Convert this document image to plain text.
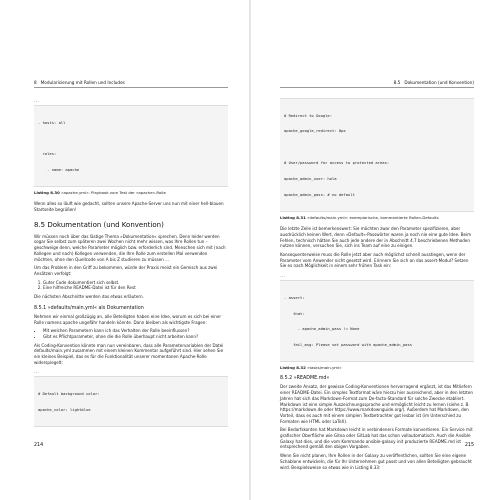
8 Modularisierung mit Rollen und Includes
...

- hosts: all

roles:

- name: apache

Listing 8.30 »apache.yml«: Playbook zum Test der »apache«-Rolle

Wenn alles so läuft wie gedacht, sollten unsere Apache-Server uns nun mit einer hell-blauen Startseite begrüßen!

8.5 Dokumentation (und Konvention)

Wir müssen noch über das lästige Thema »Dokumentation« sprechen. Denn leider werden sogar Sie selbst zum späteren zwei Wochen nicht mehr wissen, was Ihre Rollen tun – geschweige denn, welche Parameter möglich bzw. erforderlich sind. Menschen sich mit (nach Kollegen und nach) Kollegen verwenden, die Ihre Rolle zum erstellen Mal verwenden möchten, ohne den Quellcode von A bis Z studieren zu müssen ...

Um das Problem in den Griff zu bekommen, würde der Praxis meist ein Gemisch aus zwei Ansätzen verfolgt:

1. Guter Code dokumentiert sich selbst.
2. Eine hilfreiche README-Datei ist für den Rest

Die nächsten Abschnitte werden das etwas erläutern.

8.5.1 »defaults/main.yml« als Dokumentation

Nehmen wir einmal großzügig an, alle Beteiligten haben eine Idee, worum es sich bei einer Rolle namens apache ungefähr handeln könnte. Dann bleiben als wichtigste Fragen:

• Mit welchen Parametern kann ich das Verhalten der Rolle beeinflussen?
• Gibt es Pflichtparameter, ohne die die Rolle überhaupt nicht arbeiten kann?

Als Coding-Konvention könnte man nun vereinbaren, dass alle Parametervariablen der Datei defaults/main.yml zusammen mit einem kleinen Kommentar aufgeführt sind. Hier sehen Sie ein kleines Beispiel, das es für die Funktionalität unserer momentanen Apache-Rolle widerspiegelt:

...

# Default background color:

apache_color: lightblue

214
8.5 Dokumentation (und Konvention)

# Redirect to Google:

apache_google_redirect: 0px

# User/password for access to protected areas:

apache_admin_user: hola

apache_admin_pass: # no default

Listing 8.31 »defaults/main.yml«: exemplarische, kommentierte Rollen-Defaults

Die letzte Zeile ist bemerkenswert: Sie möchten zwar den Parameter spezifizieren, aber ausdrücklich keinen Wert, denn »Default«-Passwörter waren ja noch nie eine gute Idee. Beim Fehlen, technisch hätten Sie auch jede andere der in Abschnitt 4.7 beschriebenen Methoden nutzen können, versuchen Sie, sich ins Team auf eine zu einigen.

Konsequenterweise muss die Rolle jetzt aber auch möglichst schnell ausstiegen, wenn der Parameter vom Anwender nicht gesetzt wird. Erinnern Sie sich an das assert-Modul? Setzen Sie es nach Möglichkeit in einem sehr frühen Task ein:

...

- assert:

that:

- apache_admin_pass != None

fail_msg: Please set password with apache_admin_pass

Listing 8.32 »tasks/main.yml«
8.5.2 »README.md«

Der zweite Ansatz, der gewisse Coding-Konventionen hervorragend ergänzt, ist das Mitliefern einer README-Datei. Ein simples Textformat wäre hierzu hier ausreichend, aber in den letzten Jahren hat sich das Markdown-Format zum De-facto-Standard für solche Zwecke etabliert. Markdown ist eine simple Auszeichnungssprache und ermöglicht leicht zu lernen (siehe z. B. https://markdown.de oder https://www.markdownguide.org/). Außerdem hat Markdown, den Vorteil, dass es auch mit einem simplen Textbetrachter gut lesbar ist (im Unterschied zu Formaten wie HTML oder LaTeX).

Bei Bedarfskonten hat Markdown leicht in verbindeners Formate konvertieren. Ein Service mit grafischer Oberfläche wie Gitea oder GitLab hat das schon vollautomatisch. Auch die Ansible Galaxy hat dies, und die vom Kommando ansible-galaxy init produzierte README.md ist entsprechend gemäß den obigen Vorgaben.

Wenn Sie nicht planen, Ihre Rollen in der Galaxy zu veröffentlichen, sollten Sie eine eigene Schablone entwickeln, die für Ihr Unternehmen gut passt und von allen Beteiligten gebraucht wird. Beispielsweise so etwas wie in Listing 8.33:

215
